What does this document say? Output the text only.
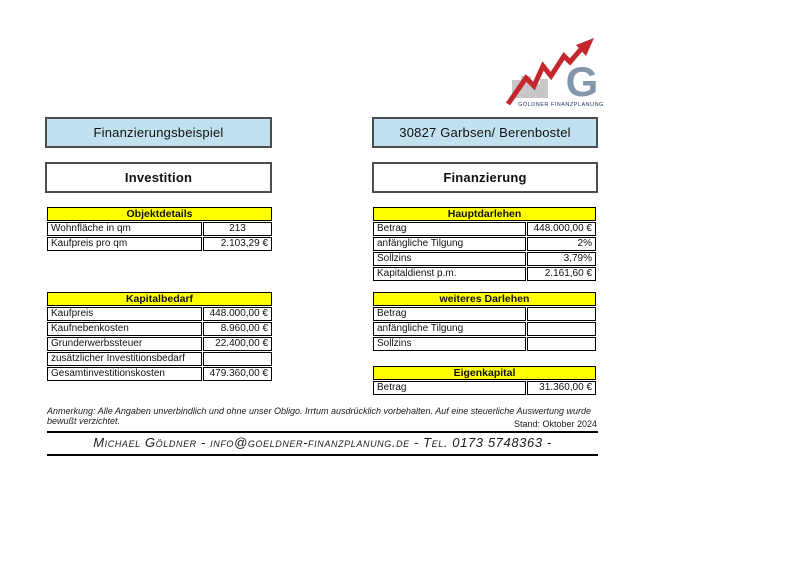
G
GÖLDNER FINANZPLANUNG
Finanzierungsbeispiel
Investition
30827 Garbsen/ Berenbostel
Finanzierung
Objektdetails
Wohnfläche in qm	213
Kaufpreis pro qm	2.103,29 €
Kapitalbedarf
Kaufpreis	448.000,00 €
Kaufnebenkosten	8.960,00 €
Grunderwerbssteuer	22.400,00 €
zusätzlicher Investitionsbedarf
Gesamtinvestitionskosten	479.360,00 €
Hauptdarlehen
Betrag	448.000,00 €
anfängliche Tilgung	2%
Sollzins	3,79%
Kapitaldienst p.m.	2.161,60 €
weiteres Darlehen
Betrag
anfängliche Tilgung
Sollzins
Eigenkapital
Betrag	31.360,00 €
Anmerkung: Alle Angaben unverbindlich und ohne unser Obligo. Irrtum ausdrücklich vorbehalten. Auf eine steuerliche Auswertung wurde bewußt verzichtet.	Stand: Oktober 2024
Michael Göldner - info@goeldner-finanzplanung.de - Tel. 0173 5748363 -
